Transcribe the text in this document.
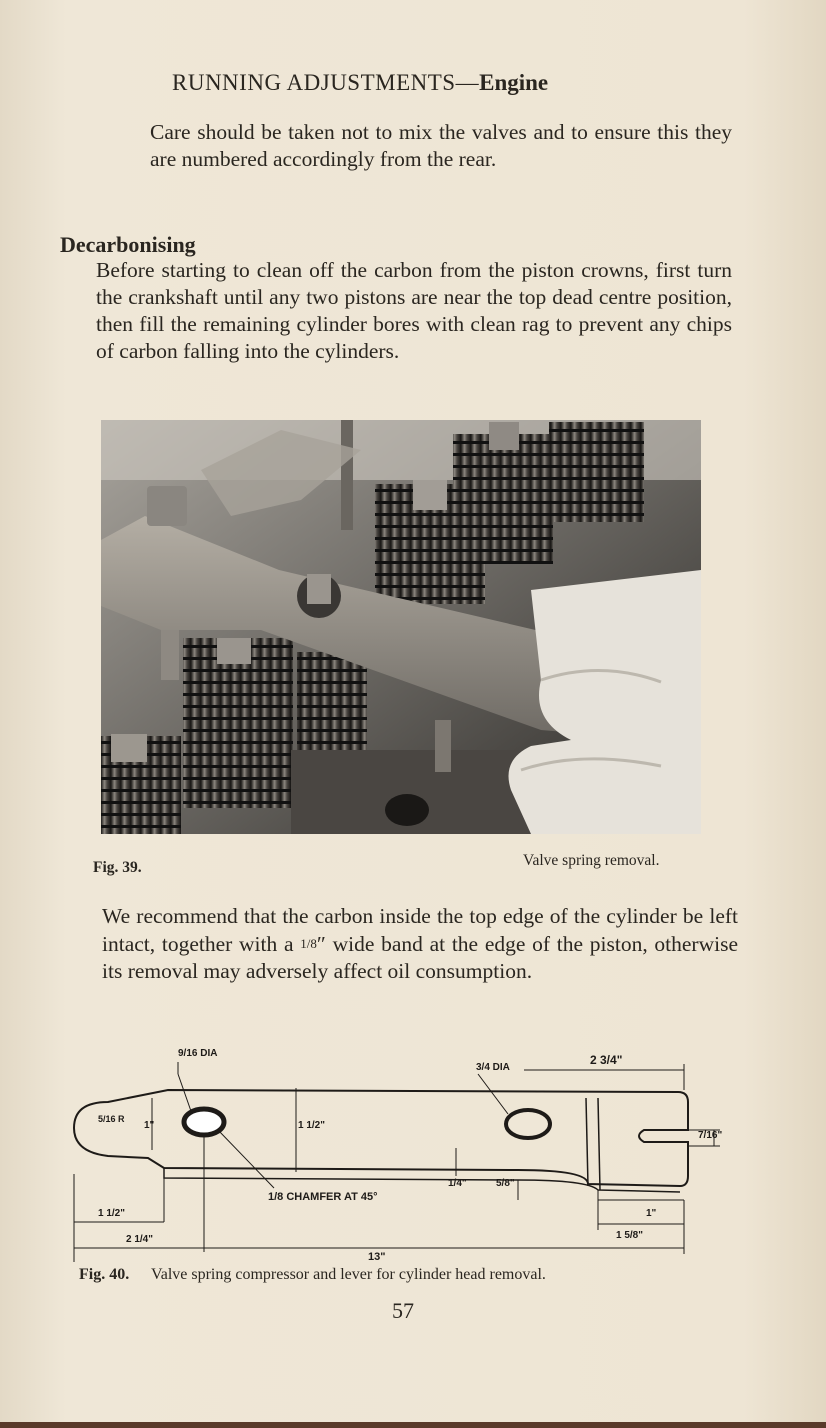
RUNNING ADJUSTMENTS—Engine
Care should be taken not to mix the valves and to ensure this they are numbered accordingly from the rear.
Decarbonising
Before starting to clean off the carbon from the piston crowns, first turn the crankshaft until any two pistons are near the top dead centre position, then fill the remaining cylinder bores with clean rag to prevent any chips of carbon falling into the cylinders.
Fig. 39.	Valve spring removal.
We recommend that the carbon inside the top edge of the cylinder be left intact, together with a 1/8″ wide band at the edge of the piston, otherwise its removal may adversely affect oil consumption.
9/16 DIA
3/4 DIA
2 3/4"
5/16 R
1"	1 1/2"
7/16"
1 1/2"
2 1/4"
1/8 CHAMFER AT 45°
1/4"	5/8"
1"
1 5/8"
13"
Fig. 40. Valve spring compressor and lever for cylinder head removal.
57
